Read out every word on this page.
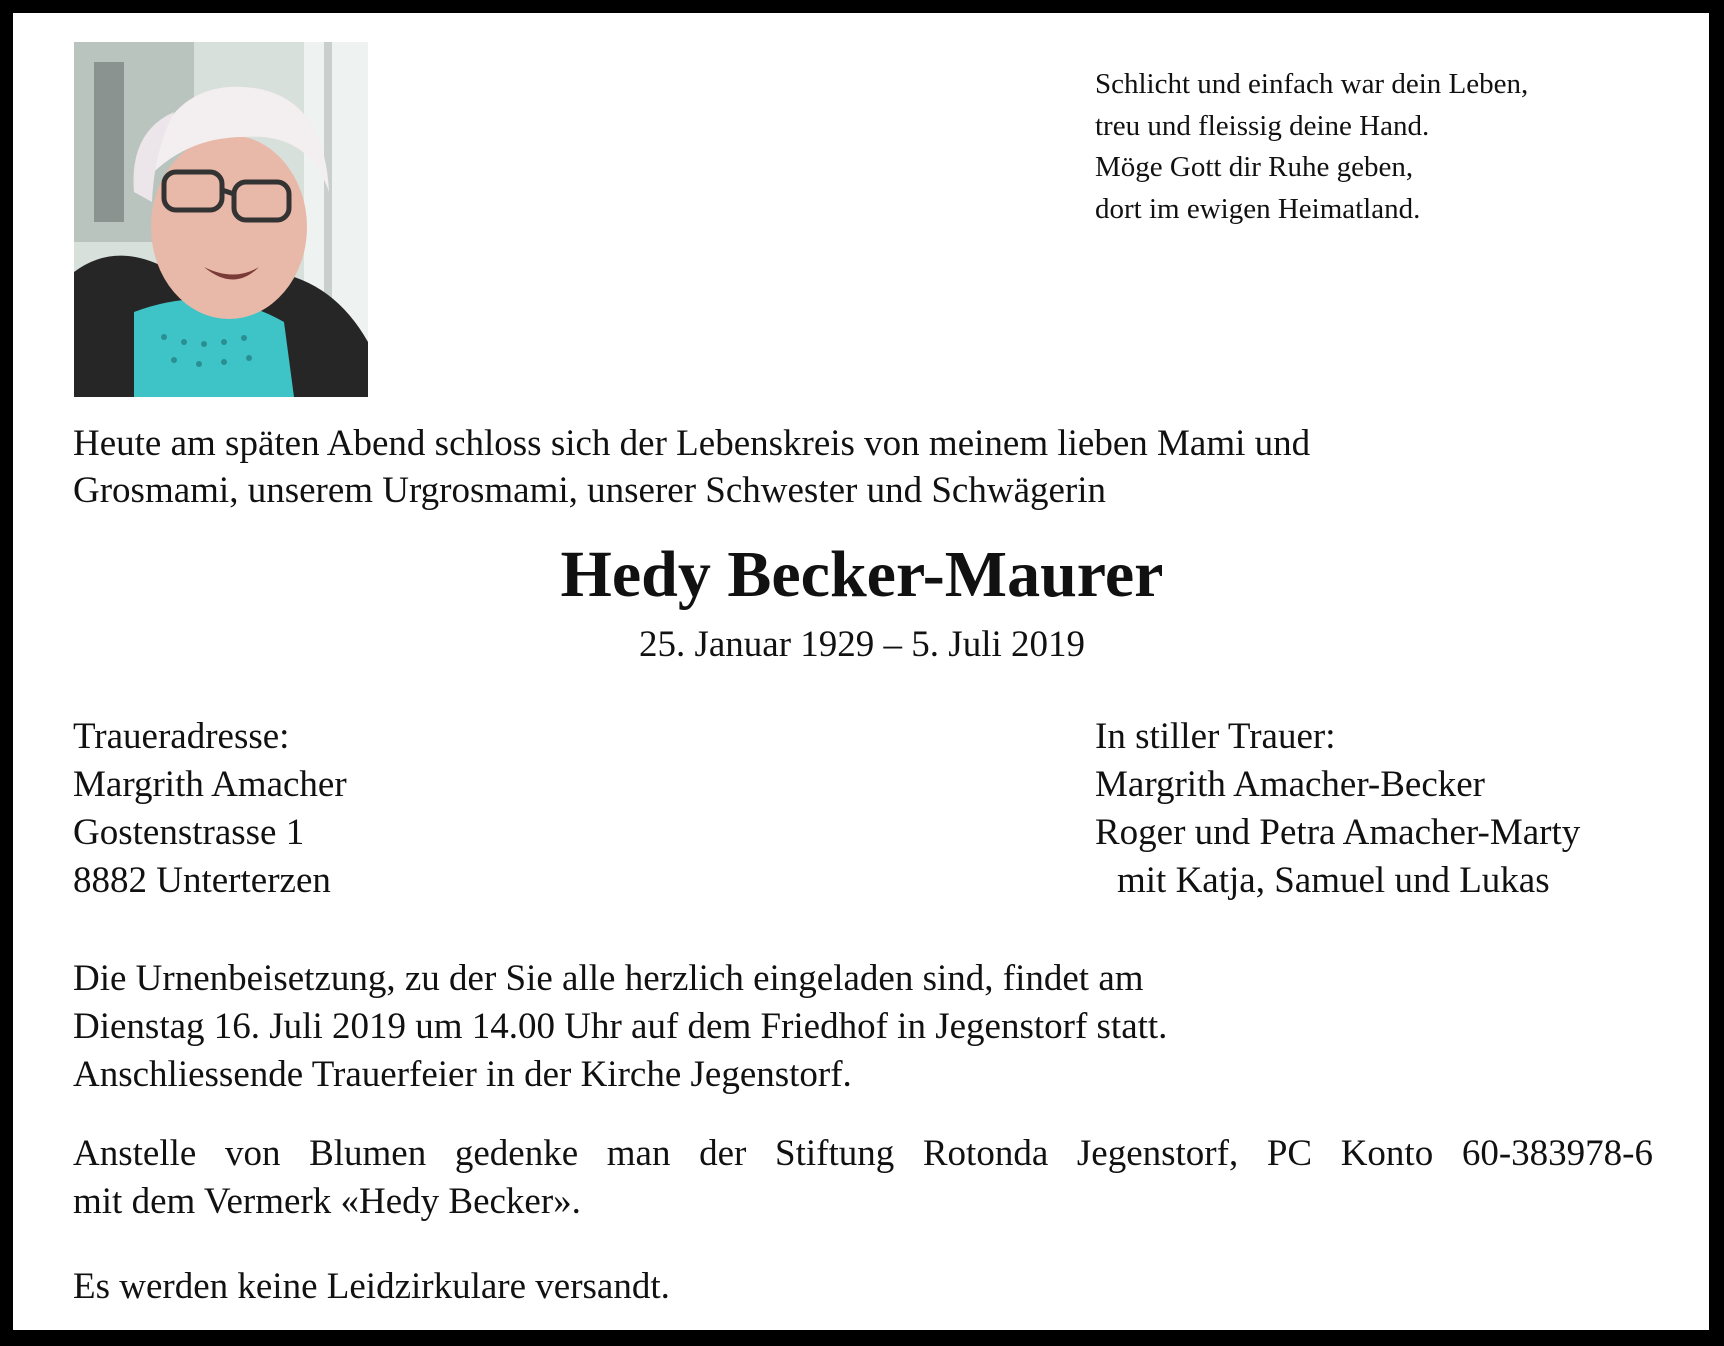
Schlicht und einfach war dein Leben,
treu und fleissig deine Hand.
Möge Gott dir Ruhe geben,
dort im ewigen Heimatland.
Heute am späten Abend schloss sich der Lebenskreis von meinem lieben Mami und
Grosmami, unserem Urgrosmami, unserer Schwester und Schwägerin
Hedy Becker-Maurer
25. Januar 1929 – 5. Juli 2019
Traueradresse:
Margrith Amacher
Gostenstrasse 1
8882 Unterterzen
In stiller Trauer:
Margrith Amacher-Becker
Roger und Petra Amacher-Marty
mit Katja, Samuel und Lukas
Die Urnenbeisetzung, zu der Sie alle herzlich eingeladen sind, findet am
Dienstag 16. Juli 2019 um 14.00 Uhr auf dem Friedhof in Jegenstorf statt.
Anschliessende Trauerfeier in der Kirche Jegenstorf.
Anstelle von Blumen gedenke man der Stiftung Rotonda Jegenstorf, PC Konto 60-383978-6
mit dem Vermerk «Hedy Becker».
Es werden keine Leidzirkulare versandt.
